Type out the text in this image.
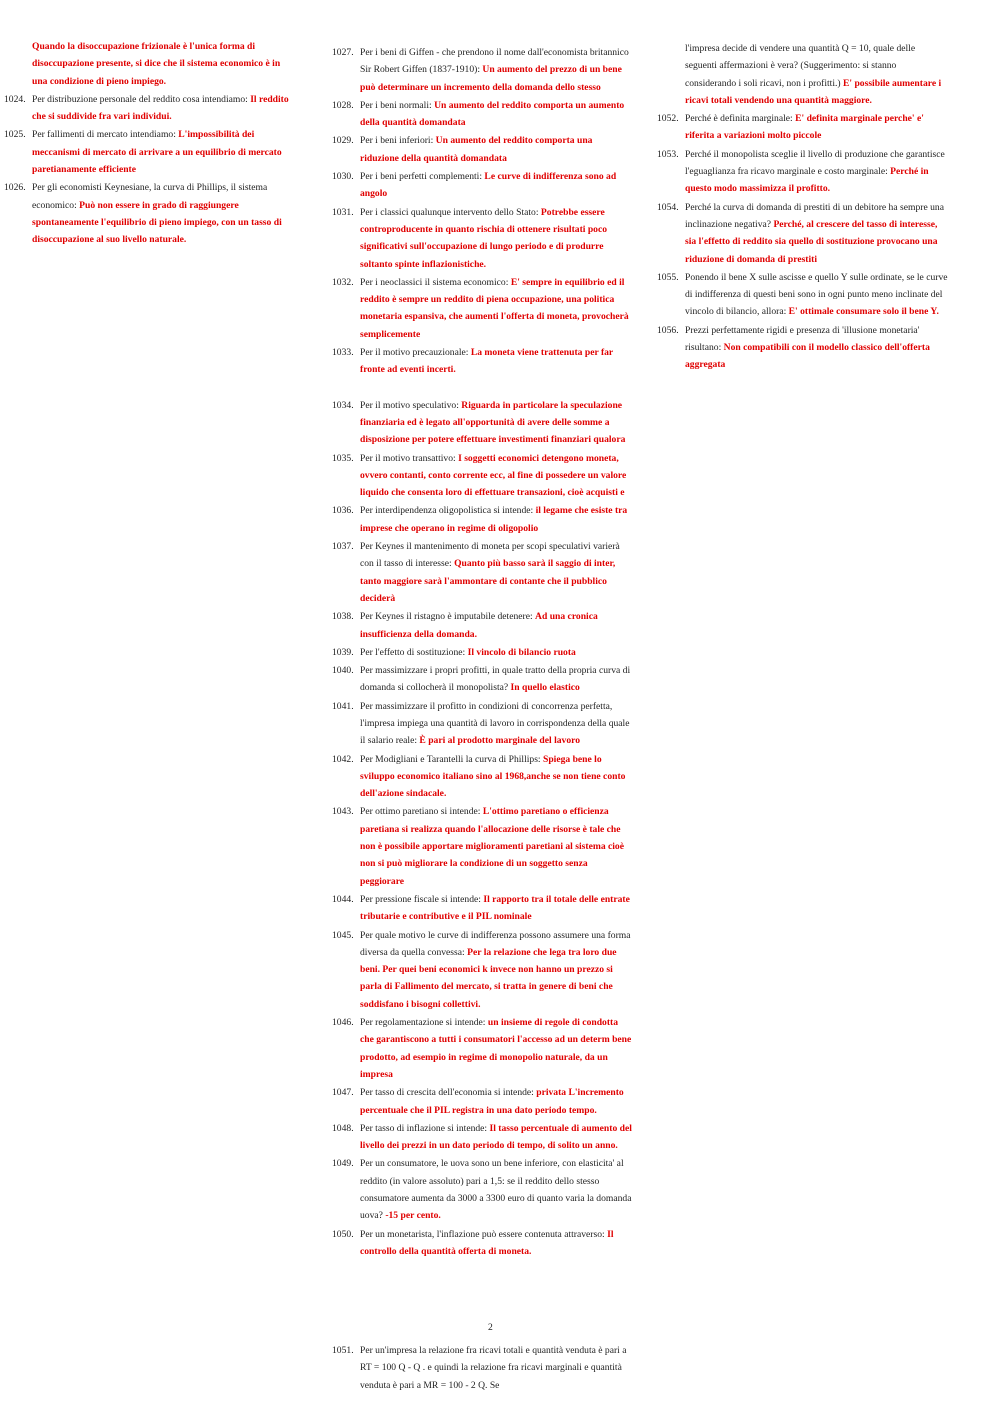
Quando la disoccupazione frizionale è l'unica forma di disoccupazione presente, si dice che il sistema economico è in una condizione di pieno impiego.
1024. Per distribuzione personale del reddito cosa intendiamo: Il reddito che si suddivide fra vari individui.
1025. Per fallimenti di mercato intendiamo: L'impossibilità dei meccanismi di mercato di arrivare a un equilibrio di mercato paretianamente efficiente
1026. Per gli economisti Keynesiane, la curva di Phillips, il sistema economico: Può non essere in grado di raggiungere spontaneamente l'equilibrio di pieno impiego, con un tasso di disoccupazione al suo livello naturale.
1027. Per i beni di Giffen - che prendono il nome dall'economista britannico Sir Robert Giffen (1837-1910): Un aumento del prezzo di un bene può determinare un incremento della domanda dello stesso
1028. Per i beni normali: Un aumento del reddito comporta un aumento della quantità domandata
1029. Per i beni inferiori: Un aumento del reddito comporta una riduzione della quantità domandata
1030. Per i beni perfetti complementi: Le curve di indifferenza sono ad angolo
1031. Per i classici qualunque intervento dello Stato: Potrebbe essere controproducente in quanto rischia di ottenere risultati poco significativi sull'occupazione di lungo periodo e di produrre soltanto spinte inflazionistiche.
1032. Per i neoclassici il sistema economico: E' sempre in equilibrio ed il reddito è sempre un reddito di piena occupazione, una politica monetaria espansiva, che aumenti l'offerta di moneta, provocherà semplicemente
1033. Per il motivo precauzionale: La moneta viene trattenuta per far fronte ad eventi incerti.
1034. Per il motivo speculativo: Riguarda in particolare la speculazione finanziaria ed è legato all'opportunità di avere delle somme a disposizione per potere effettuare investimenti finanziari qualora
1035. Per il motivo transattivo: I soggetti economici detengono moneta, ovvero contanti, conto corrente ecc, al fine di possedere un valore liquido che consenta loro di effettuare transazioni, cioè acquisti e
1036. Per interdipendenza oligopolistica si intende: il legame che esiste tra imprese che operano in regime di oligopolio
1037. Per Keynes il mantenimento di moneta per scopi speculativi varierà con il tasso di interesse: Quanto più basso sarà il saggio di inter, tanto maggiore sarà l'ammontare di contante che il pubblico deciderà
1038. Per Keynes il ristagno è imputabile detenere: Ad una cronica insufficienza della domanda.
1039. Per l'effetto di sostituzione: Il vincolo di bilancio ruota
1040. Per massimizzare i propri profitti, in quale tratto della propria curva di domanda si collocherà il monopolista? In quello elastico
1041. Per massimizzare il profitto in condizioni di concorrenza perfetta, l'impresa impiega una quantità di lavoro in corrispondenza della quale il salario reale: È pari al prodotto marginale del lavoro
1042. Per Modigliani e Tarantelli la curva di Phillips: Spiega bene lo sviluppo economico italiano sino al 1968,anche se non tiene conto dell'azione sindacale.
1043. Per ottimo paretiano si intende: L'ottimo paretiano o efficienza paretiana si realizza quando l'allocazione delle risorse è tale che non è possibile apportare miglioramenti paretiani al sistema cioè non si può migliorare la condizione di un soggetto senza peggiorare
1044. Per pressione fiscale si intende: Il rapporto tra il totale delle entrate tributarie e contributive e il PIL nominale
1045. Per quale motivo le curve di indifferenza possono assumere una forma diversa da quella convessa: Per la relazione che lega tra loro due beni. Per quei beni economici k invece non hanno un prezzo si parla di Fallimento del mercato, si tratta in genere di beni che soddisfano i bisogni collettivi.
1046. Per regolamentazione si intende: un insieme di regole di condotta che garantiscono a tutti i consumatori l'accesso ad un determ bene prodotto, ad esempio in regime di monopolio naturale, da un impresa
1047. Per tasso di crescita dell'economia si intende: privata L'incremento percentuale che il PIL registra in una dato periodo tempo.
1048. Per tasso di inflazione si intende: Il tasso percentuale di aumento del livello dei prezzi in un dato periodo di tempo, di solito un anno.
1049. Per un consumatore, le uova sono un bene inferiore, con elasticita' al reddito (in valore assoluto) pari a 1,5: se il reddito dello stesso consumatore aumenta da 3000 a 3300 euro di quanto varia la domanda uova? -15 per cento.
1050. Per un monetarista, l'inflazione può essere contenuta attraverso: Il controllo della quantità offerta di moneta.
l'impresa decide di vendere una quantità Q = 10, quale delle seguenti affermazioni è vera? (Suggerimento: si stanno considerando i soli ricavi, non i profitti.) E' possibile aumentare i ricavi totali vendendo una quantità maggiore.
1052. Perché è definita marginale: E' definita marginale perche' e' riferita a variazioni molto piccole
1053. Perché il monopolista sceglie il livello di produzione che garantisce l'eguaglianza fra ricavo marginale e costo marginale: Perché in questo modo massimizza il profitto.
1054. Perché la curva di domanda di prestiti di un debitore ha sempre una inclinazione negativa? Perché, al crescere del tasso di interesse, sia l'effetto di reddito sia quello di sostituzione provocano una riduzione di domanda di prestiti
1055. Ponendo il bene X sulle ascisse e quello Y sulle ordinate, se le curve di indifferenza di questi beni sono in ogni punto meno inclinate del vincolo di bilancio, allora: E' ottimale consumare solo il bene Y.
1056. Prezzi perfettamente rigidi e presenza di 'illusione monetaria' risultano: Non compatibili con il modello classico dell'offerta aggregata
2
1051. Per un'impresa la relazione fra ricavi totali e quantità venduta è pari a RT = 100 Q - Q . e quindi la relazione fra ricavi marginali e quantità venduta è pari a MR = 100 - 2 Q. Se
